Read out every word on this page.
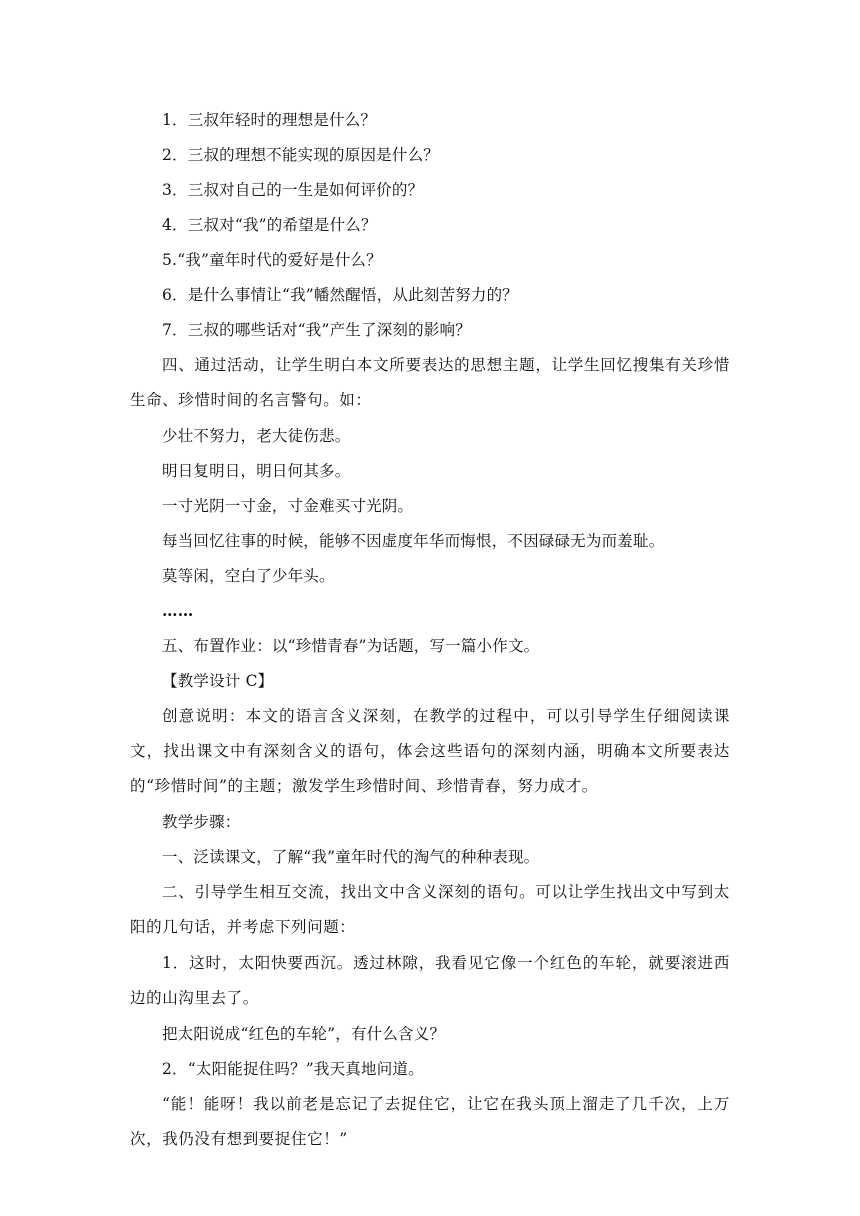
1．三叔年轻时的理想是什么？
2．三叔的理想不能实现的原因是什么？
3．三叔对自己的一生是如何评价的？
4．三叔对“我”的希望是什么？
5.“我”童年时代的爱好是什么？
6．是什么事情让“我”幡然醒悟，从此刻苦努力的？
7．三叔的哪些话对“我”产生了深刻的影响？

四、通过活动，让学生明白本文所要表达的思想主题，让学生回忆搜集有关珍惜生命、珍惜时间的名言警句。如：

少壮不努力，老大徒伤悲。
明日复明日，明日何其多。
一寸光阴一寸金，寸金难买寸光阴。
每当回忆往事的时候，能够不因虚度年华而悔恨，不因碌碌无为而羞耻。
莫等闲，空白了少年头。
……
五、布置作业：以“珍惜青春”为话题，写一篇小作文。
【教学设计 C】

创意说明：本文的语言含义深刻，在教学的过程中，可以引导学生仔细阅读课文，找出课文中有深刻含义的语句，体会这些语句的深刻内涵，明确本文所要表达的“珍惜时间”的主题；激发学生珍惜时间、珍惜青春，努力成才。

教学步骤：
一、泛读课文，了解“我”童年时代的淘气的种种表现。

二、引导学生相互交流，找出文中含义深刻的语句。可以让学生找出文中写到太阳的几句话，并考虑下列问题：

1．这时，太阳快要西沉。透过林隙，我看见它像一个红色的车轮，就要滚进西边的山沟里去了。

把太阳说成“红色的车轮”，有什么含义？
2．“太阳能捉住吗？”我天真地问道。

“能！能呀！我以前老是忘记了去捉住它，让它在我头顶上溜走了几千次，上万次，我仍没有想到要捉住它！”
